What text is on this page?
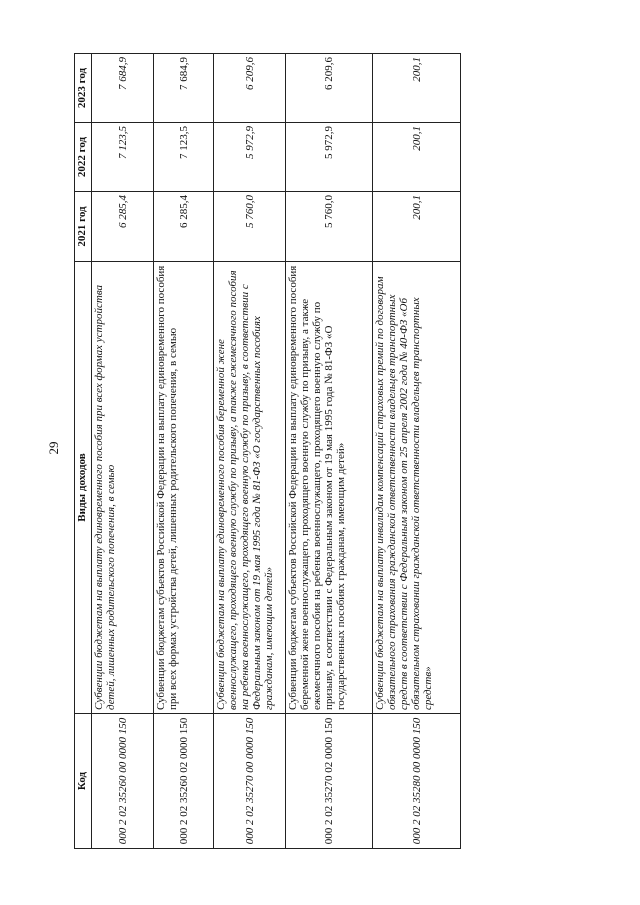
29
Код	Виды доходов	2021 год	2022 год	2023 год
000 2 02 35260 00 0000 150	Субвенции бюджетам на выплату единовременного пособия при всех формах устройства детей, лишенных родительского попечения, в семью	6 285,4	7 123,5	7 684,9
000 2 02 35260 02 0000 150	Субвенции бюджетам субъектов Российской Федерации на выплату единовременного пособия при всех формах устройства детей, лишенных родительского попечения, в семью	6 285,4	7 123,5	7 684,9
000 2 02 35270 00 0000 150	Субвенции бюджетам на выплату единовременного пособия беременной жене военнослужащего, проходящего военную службу по призыву, а также ежемесячного пособия на ребенка военнослужащего, проходящего военную службу по призыву, в соответствии с Федеральным законом от 19 мая 1995 года № 81-ФЗ «О государственных пособиях гражданам, имеющим детей»	5 760,0	5 972,9	6 209,6
000 2 02 35270 02 0000 150	Субвенции бюджетам субъектов Российской Федерации на выплату единовременного пособия беременной жене военнослужащего, проходящего военную службу по призыву, а также ежемесячного пособия на ребенка военнослужащего, проходящего военную службу по призыву, в соответствии с Федеральным законом от 19 мая 1995 года № 81-ФЗ «О государственных пособиях гражданам, имеющим детей»	5 760,0	5 972,9	6 209,6
000 2 02 35280 00 0000 150	Субвенции бюджетам на выплату инвалидам компенсаций страховых премий по договорам обязательного страхования гражданской ответственности владельцев транспортных средств в соответствии с Федеральным законом от 25 апреля 2002 года № 40-ФЗ «Об обязательном страховании гражданской ответственности владельцев транспортных средств»	200,1	200,1	200,1
